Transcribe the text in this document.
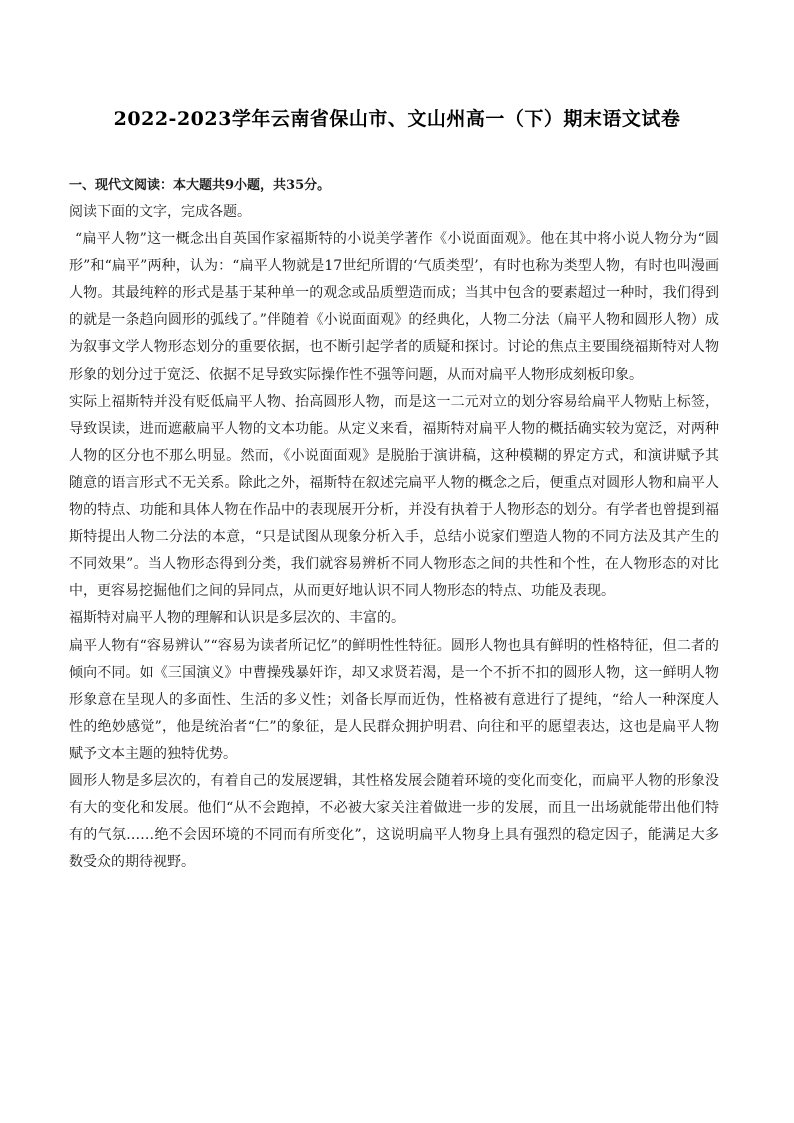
2022-2023学年云南省保山市、文山州高一（下）期末语文试卷

一、现代文阅读：本大题共9小题，共35分。

阅读下面的文字，完成各题。

“扁平人物”这一概念出自英国作家福斯特的小说美学著作《小说面面观》。他在其中将小说人物分为“圆形”和“扁平”两种，认为：“扁平人物就是17世纪所谓的‘气质类型’，有时也称为类型人物，有时也叫漫画人物。其最纯粹的形式是基于某种单一的观念或品质塑造而成；当其中包含的要素超过一种时，我们得到的就是一条趋向圆形的弧线了。”伴随着《小说面面观》的经典化，人物二分法（扁平人物和圆形人物）成为叙事文学人物形态划分的重要依据，也不断引起学者的质疑和探讨。讨论的焦点主要围绕福斯特对人物形象的划分过于宽泛、依据不足导致实际操作性不强等问题，从而对扁平人物形成刻板印象。

实际上福斯特并没有贬低扁平人物、抬高圆形人物，而是这一二元对立的划分容易给扁平人物贴上标签，导致误读，进而遮蔽扁平人物的文本功能。从定义来看，福斯特对扁平人物的概括确实较为宽泛，对两种人物的区分也不那么明显。然而，《小说面面观》是脱胎于演讲稿，这种模糊的界定方式，和演讲赋予其随意的语言形式不无关系。除此之外，福斯特在叙述完扁平人物的概念之后，便重点对圆形人物和扁平人物的特点、功能和具体人物在作品中的表现展开分析，并没有执着于人物形态的划分。有学者也曾提到福斯特提出人物二分法的本意，“只是试图从现象分析入手，总结小说家们塑造人物的不同方法及其产生的不同效果”。当人物形态得到分类，我们就容易辨析不同人物形态之间的共性和个性，在人物形态的对比中，更容易挖掘他们之间的异同点，从而更好地认识不同人物形态的特点、功能及表现。

福斯特对扁平人物的理解和认识是多层次的、丰富的。

扁平人物有“容易辨认”“容易为读者所记忆”的鲜明性性特征。圆形人物也具有鲜明的性格特征，但二者的倾向不同。如《三国演义》中曹操残暴奸诈，却又求贤若渴，是一个不折不扣的圆形人物，这一鲜明人物形象意在呈现人的多面性、生活的多义性；刘备长厚而近伪，性格被有意进行了提纯，“给人一种深度人性的绝妙感觉”，他是统治者“仁”的象征，是人民群众拥护明君、向往和平的愿望表达，这也是扁平人物赋予文本主题的独特优势。

圆形人物是多层次的，有着自己的发展逻辑，其性格发展会随着环境的变化而变化，而扁平人物的形象没有大的变化和发展。他们“从不会跑掉，不必被大家关注着做进一步的发展，而且一出场就能带出他们特有的气氛……绝不会因环境的不同而有所变化”，这说明扁平人物身上具有强烈的稳定因子，能满足大多数受众的期待视野。
